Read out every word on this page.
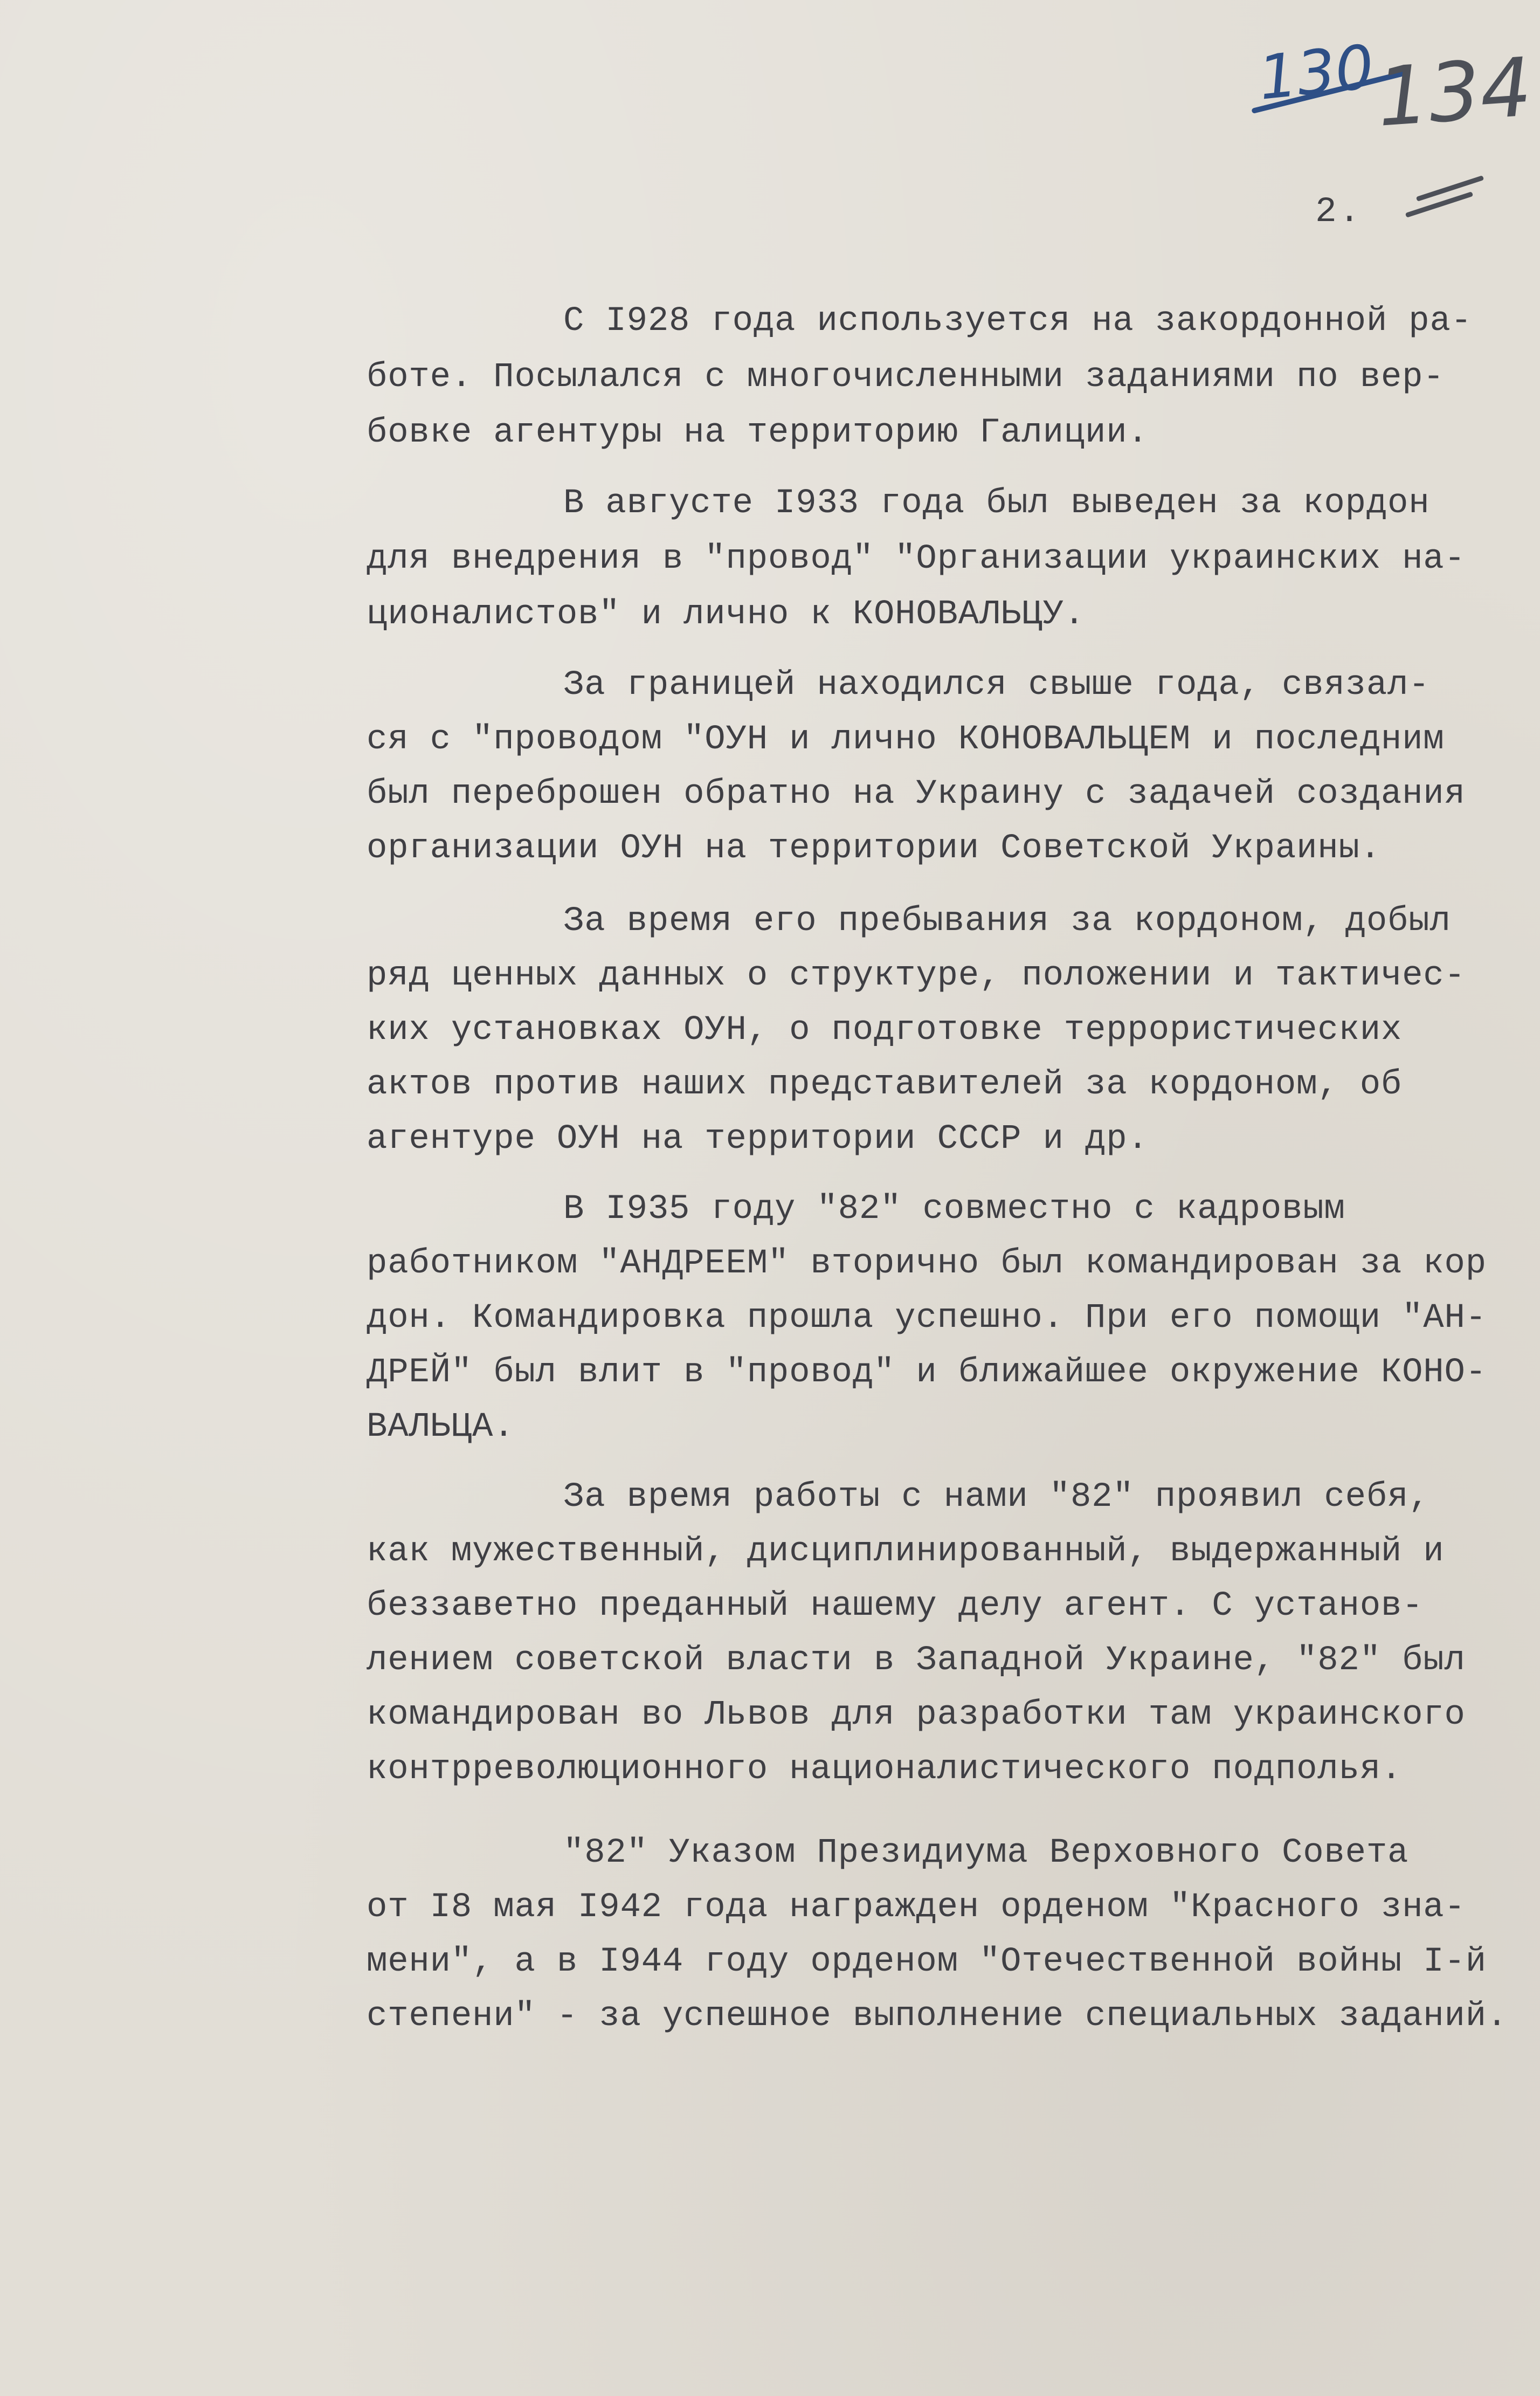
130
134
2.
С I928 года используется на закордонной ра-
боте. Посылался с многочисленными заданиями по вер-
бовке агентуры на территорию Галиции.
В августе I933 года был выведен за кордон
для внедрения в "провод" "Организации украинских на-
ционалистов" и лично к КОНОВАЛЬЦУ.
За границей находился свыше года, связал-
ся с "проводом "ОУН и лично КОНОВАЛЬЦЕМ и последним
был переброшен обратно на Украину с задачей создания
организации ОУН на территории Советской Украины.
За время его пребывания за кордоном, добыл
ряд ценных данных о структуре, положении и тактичес-
ких установках ОУН, о подготовке террористических
актов против наших представителей за кордоном, об
агентуре ОУН на территории СССР и др.
В I935 году "82" совместно с кадровым
работником "АНДРЕЕМ" вторично был командирован за кор
дон. Командировка прошла успешно. При его помощи "АН-
ДРЕЙ" был влит в "провод" и ближайшее окружение КОНО-
ВАЛЬЦА.
За время работы с нами "82" проявил себя,
как мужественный, дисциплинированный, выдержанный и
беззаветно преданный нашему делу агент. С установ-
лением советской власти в Западной Украине, "82" был
командирован во Львов для разработки там украинского
контрреволюционного националистического подполья.
"82" Указом Президиума Верховного Совета
от I8 мая I942 года награжден орденом "Красного зна-
мени", а в I944 году орденом "Отечественной войны I-й
степени" - за успешное выполнение специальных заданий.
